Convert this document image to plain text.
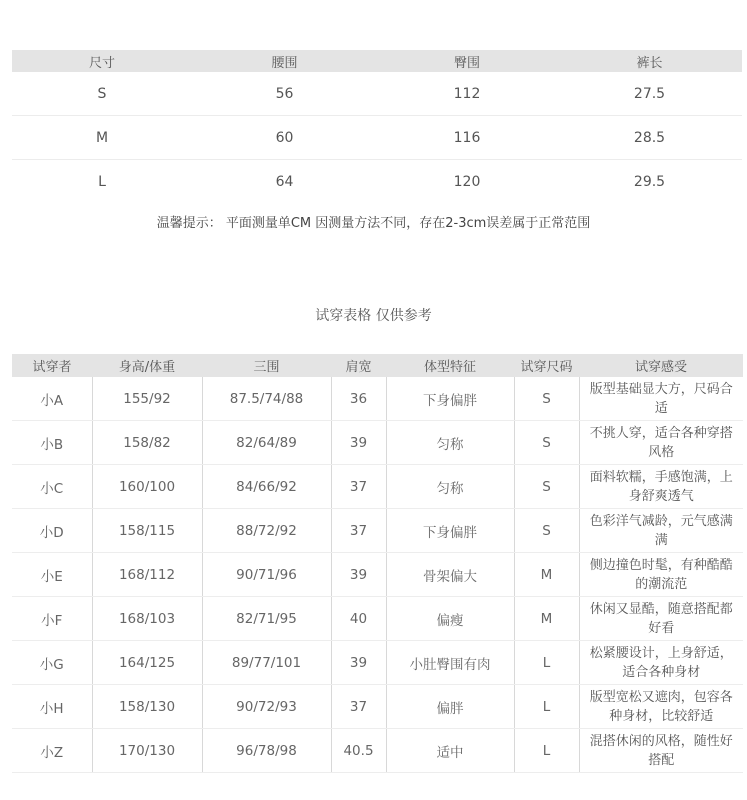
尺寸	腰围	臀围	裤长
S	56	112	27.5
M	60	116	28.5
L	64	120	29.5
温馨提示： 平面测量单CM 因测量方法不同，存在2-3cm误差属于正常范围
试穿表格 仅供参考
试穿者	身高/体重	三围	肩宽	体型特征	试穿尺码	试穿感受
小A	155/92	87.5/74/88	36	下身偏胖	S	版型基础显大方，尺码合
适

小B	158/82	82/64/89	39	匀称	S	不挑人穿，适合各种穿搭
风格

小C	160/100	84/66/92	37	匀称	S	面料软糯，手感饱满，上
身舒爽透气

小D	158/115	88/72/92	37	下身偏胖	S	色彩洋气减龄，元气感满
满

小E	168/112	90/71/96	39	骨架偏大	M	侧边撞色时髦，有种酷酷
的潮流范

小F	168/103	82/71/95	40	偏瘦	M	休闲又显酷，随意搭配都
好看

小G	164/125	89/77/101	39	小肚臀围有肉	L	松紧腰设计，上身舒适，
适合各种身材

小H	158/130	90/72/93	37	偏胖	L	版型宽松又遮肉，包容各
种身材，比较舒适

小Z	170/130	96/78/98	40.5	适中	L	混搭休闲的风格，随性好
搭配
